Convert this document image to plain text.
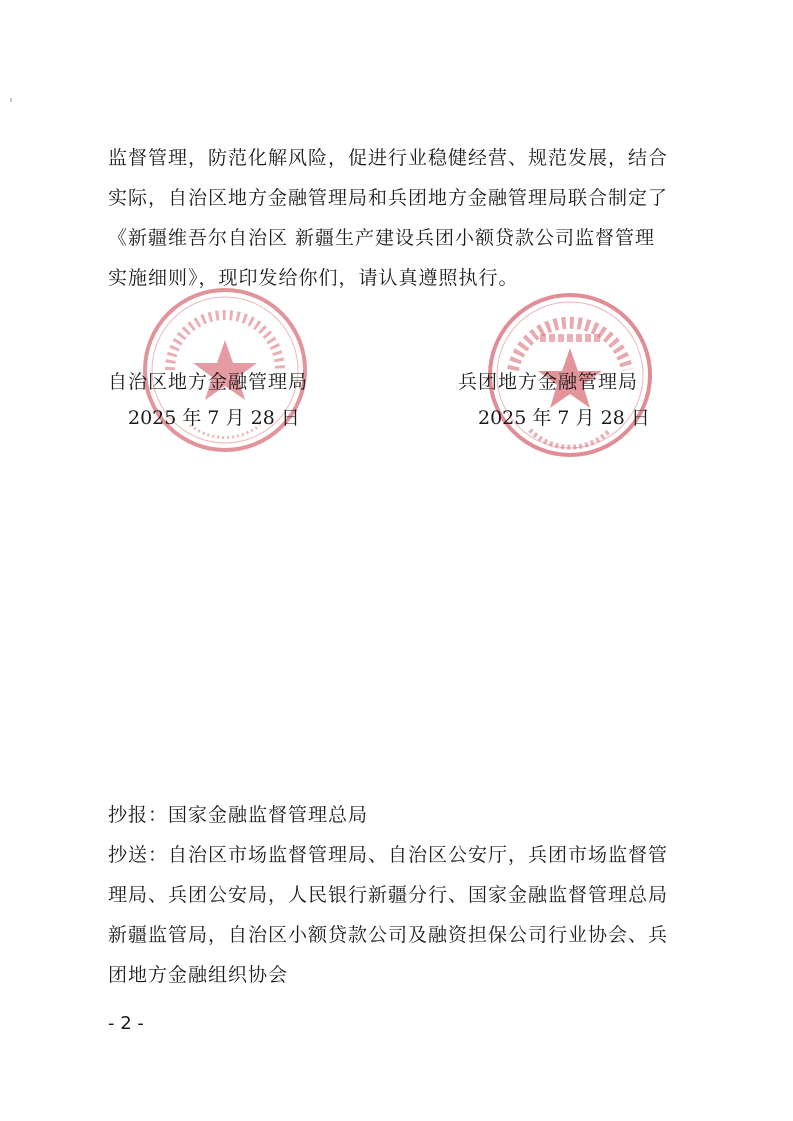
监督管理，防范化解风险，促进行业稳健经营、规范发展，结合
实际，自治区地方金融管理局和兵团地方金融管理局联合制定了
《新疆维吾尔自治区 新疆生产建设兵团小额贷款公司监督管理
实施细则》，现印发给你们，请认真遵照执行。
自治区地方金融管理局
2025 年 7 月 28 日
兵团地方金融管理局
2025 年 7 月 28 日
抄报：国家金融监督管理总局
抄送：自治区市场监督管理局、自治区公安厅，兵团市场监督管
理局、兵团公安局，人民银行新疆分行、国家金融监督管理总局
新疆监管局，自治区小额贷款公司及融资担保公司行业协会、兵
团地方金融组织协会
- 2 -
